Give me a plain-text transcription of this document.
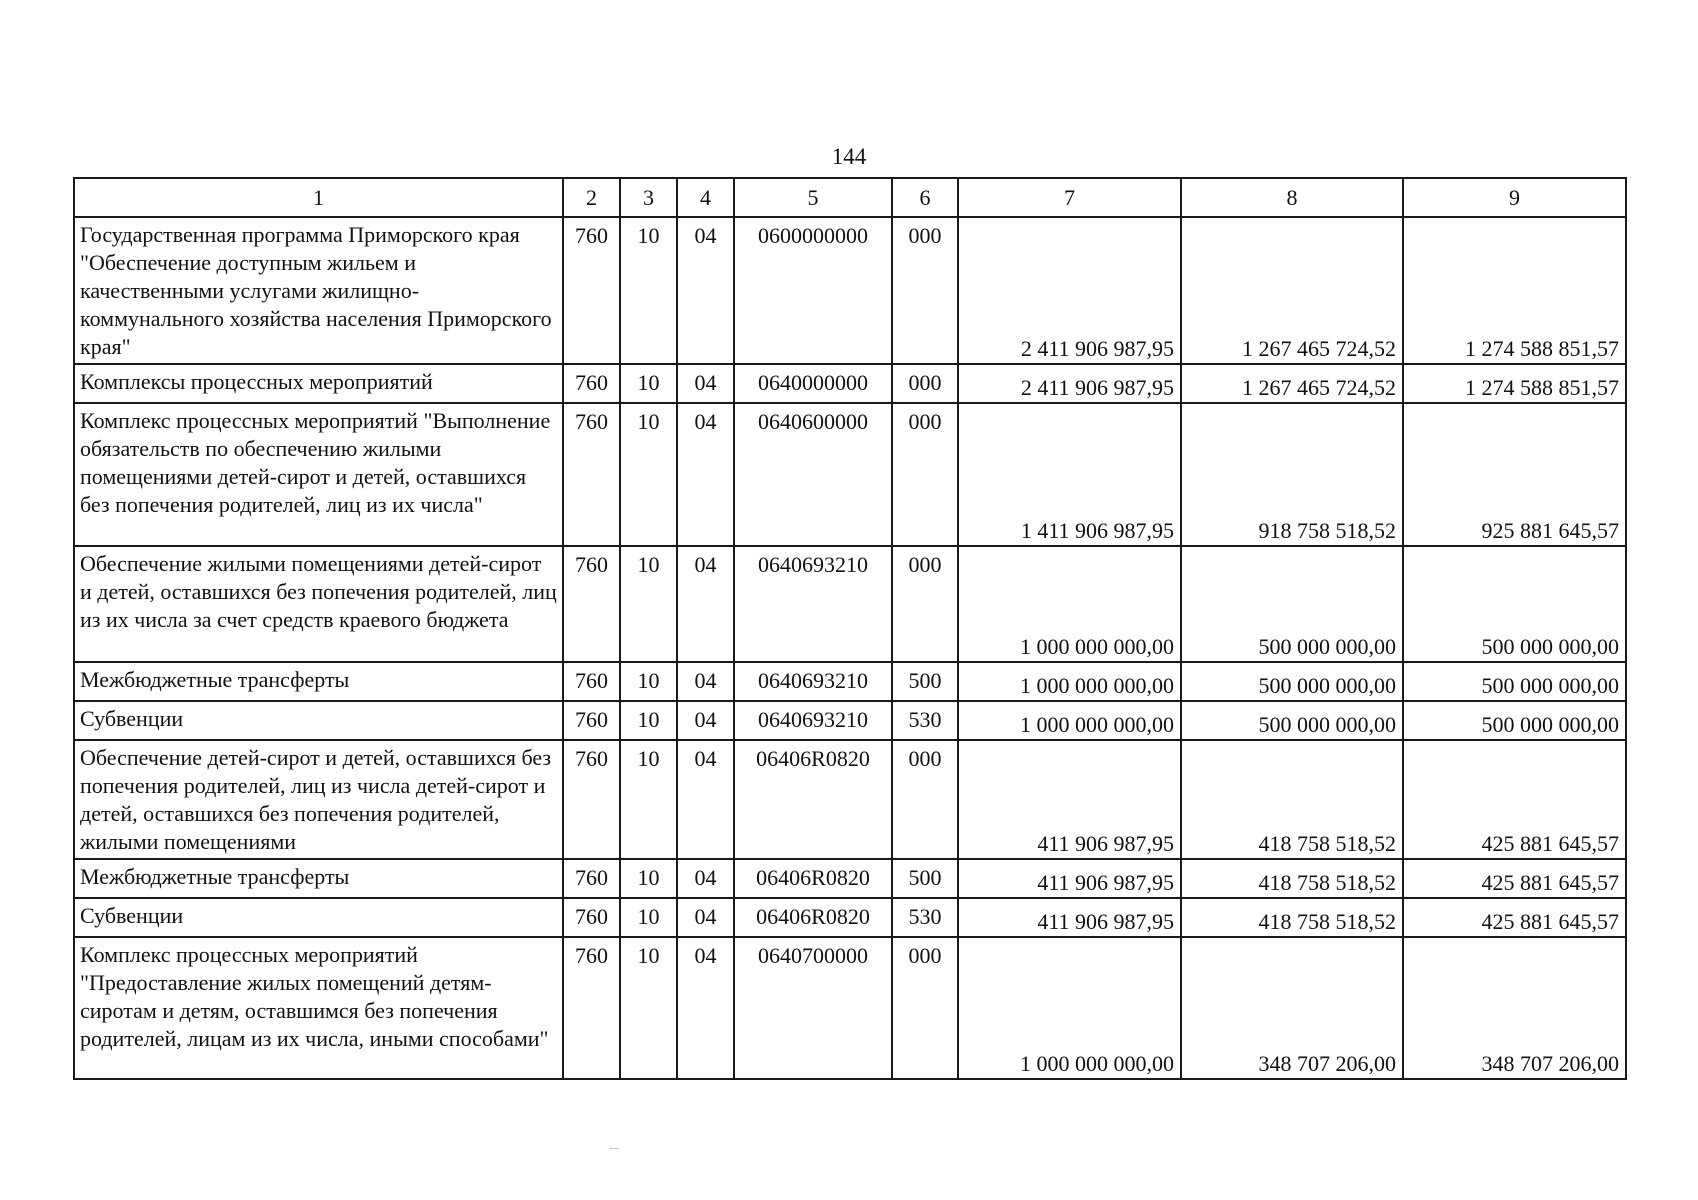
144
1	2	3	4	5	6	7	8	9
Государственная программа Приморского края "Обеспечение доступным жильем и качественными услугами жилищно-коммунального хозяйства населения Приморского края"	760	10	04	0600000000	000	2 411 906 987,95	1 267 465 724,52	1 274 588 851,57
Комплексы процессных мероприятий	760	10	04	0640000000	000	2 411 906 987,95	1 267 465 724,52	1 274 588 851,57
Комплекс процессных мероприятий "Выполнение обязательств по обеспечению жилыми помещениями детей-сирот и детей, оставшихся без попечения родителей, лиц из их числа"	760	10	04	0640600000	000	1 411 906 987,95	918 758 518,52	925 881 645,57
Обеспечение жилыми помещениями детей-сирот и детей, оставшихся без попечения родителей, лиц из их числа за счет средств краевого бюджета	760	10	04	0640693210	000	1 000 000 000,00	500 000 000,00	500 000 000,00
Межбюджетные трансферты	760	10	04	0640693210	500	1 000 000 000,00	500 000 000,00	500 000 000,00
Субвенции	760	10	04	0640693210	530	1 000 000 000,00	500 000 000,00	500 000 000,00
Обеспечение детей-сирот и детей, оставшихся без попечения родителей, лиц из числа детей-сирот и детей, оставшихся без попечения родителей, жилыми помещениями	760	10	04	06406R0820	000	411 906 987,95	418 758 518,52	425 881 645,57
Межбюджетные трансферты	760	10	04	06406R0820	500	411 906 987,95	418 758 518,52	425 881 645,57
Субвенции	760	10	04	06406R0820	530	411 906 987,95	418 758 518,52	425 881 645,57
Комплекс процессных мероприятий "Предоставление жилых помещений детям-сиротам и детям, оставшимся без попечения родителей, лицам из их числа, иными способами"	760	10	04	0640700000	000	1 000 000 000,00	348 707 206,00	348 707 206,00
